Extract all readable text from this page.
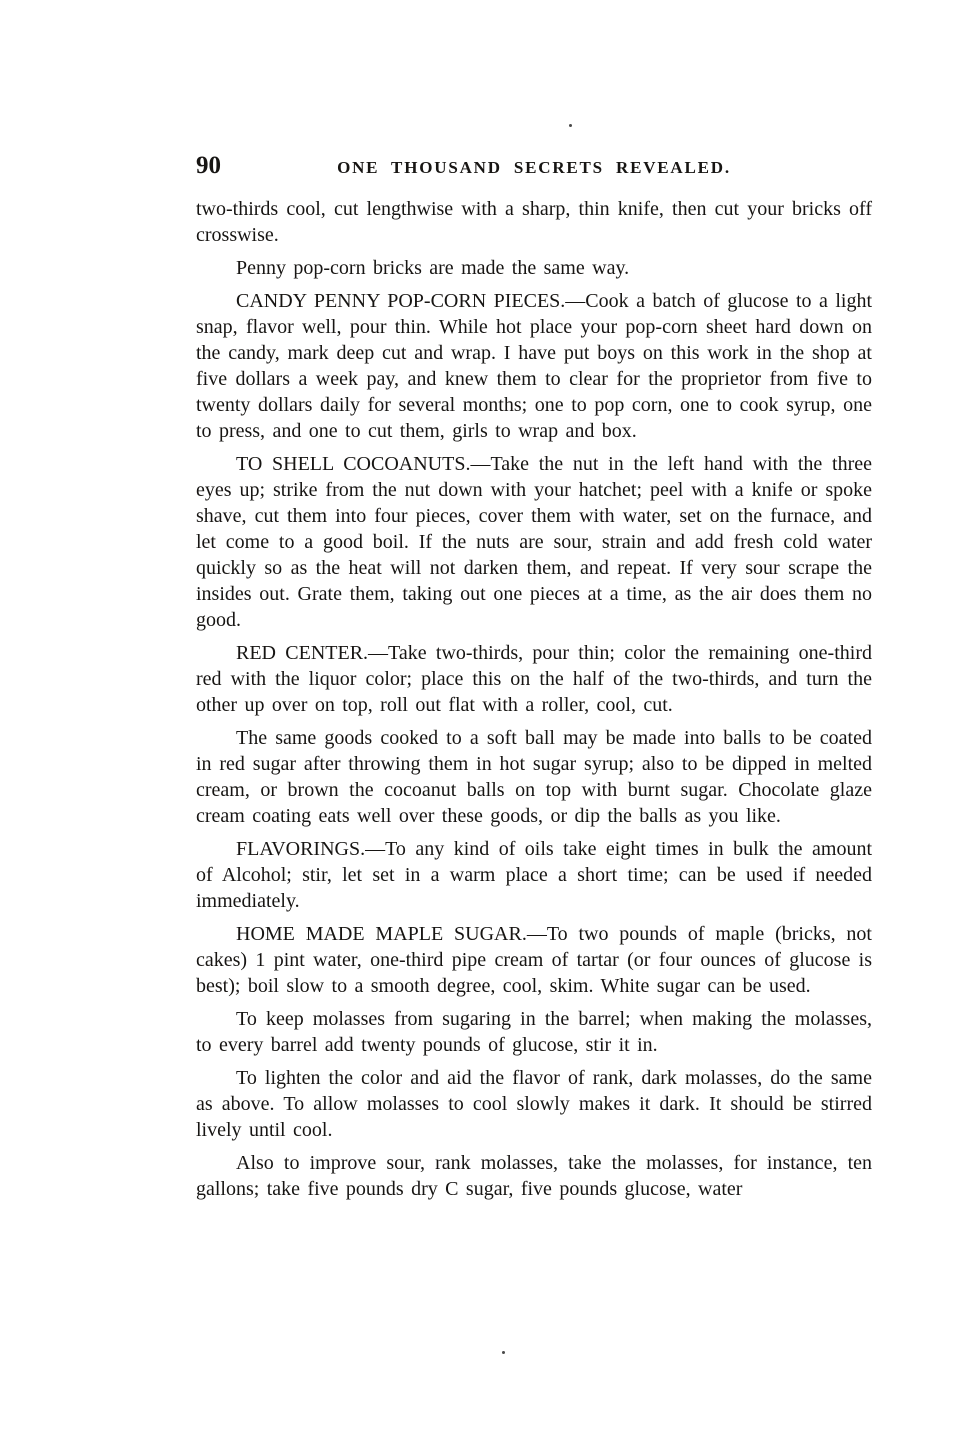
90	ONE THOUSAND SECRETS REVEALED.

two-thirds cool, cut lengthwise with a sharp, thin knife, then cut your bricks off crosswise.

Penny pop-corn bricks are made the same way.

CANDY PENNY POP-CORN PIECES.—Cook a batch of glucose to a light snap, flavor well, pour thin. While hot place your pop-corn sheet hard down on the candy, mark deep cut and wrap. I have put boys on this work in the shop at five dollars a week pay, and knew them to clear for the proprietor from five to twenty dollars daily for several months; one to pop corn, one to cook syrup, one to press, and one to cut them, girls to wrap and box.

TO SHELL COCOANUTS.—Take the nut in the left hand with the three eyes up; strike from the nut down with your hatchet; peel with a knife or spoke shave, cut them into four pieces, cover them with water, set on the furnace, and let come to a good boil. If the nuts are sour, strain and add fresh cold water quickly so as the heat will not darken them, and repeat. If very sour scrape the insides out. Grate them, taking out one pieces at a time, as the air does them no good.

RED CENTER.—Take two-thirds, pour thin; color the remaining one-third red with the liquor color; place this on the half of the two-thirds, and turn the other up over on top, roll out flat with a roller, cool, cut.

The same goods cooked to a soft ball may be made into balls to be coated in red sugar after throwing them in hot sugar syrup; also to be dipped in melted cream, or brown the cocoanut balls on top with burnt sugar. Chocolate glaze cream coating eats well over these goods, or dip the balls as you like.

FLAVORINGS.—To any kind of oils take eight times in bulk the amount of Alcohol; stir, let set in a warm place a short time; can be used if needed immediately.

HOME MADE MAPLE SUGAR.—To two pounds of maple (bricks, not cakes) 1 pint water, one-third pipe cream of tartar (or four ounces of glucose is best); boil slow to a smooth degree, cool, skim. White sugar can be used.

To keep molasses from sugaring in the barrel; when making the molasses, to every barrel add twenty pounds of glucose, stir it in.

To lighten the color and aid the flavor of rank, dark molasses, do the same as above. To allow molasses to cool slowly makes it dark. It should be stirred lively until cool.

Also to improve sour, rank molasses, take the molasses, for instance, ten gallons; take five pounds dry C sugar, five pounds glucose, water
